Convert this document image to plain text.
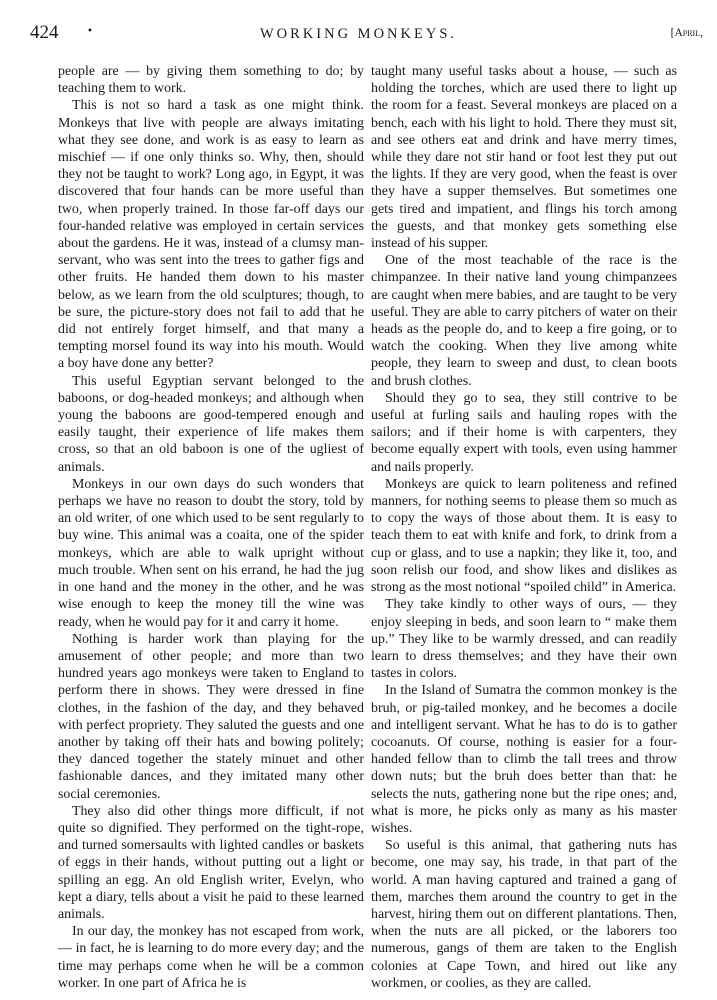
424	•	WORKING MONKEYS.	[April,

people are — by giving them something to do; by teaching them to work.

This is not so hard a task as one might think. Monkeys that live with people are always imitating what they see done, and work is as easy to learn as mischief — if one only thinks so. Why, then, should they not be taught to work? Long ago, in Egypt, it was discovered that four hands can be more useful than two, when properly trained. In those far-off days our four-handed relative was employed in certain services about the gardens. He it was, instead of a clumsy man-servant, who was sent into the trees to gather figs and other fruits. He handed them down to his master below, as we learn from the old sculptures; though, to be sure, the picture-story does not fail to add that he did not entirely forget himself, and that many a tempting morsel found its way into his mouth. Would a boy have done any better?

This useful Egyptian servant belonged to the baboons, or dog-headed monkeys; and although when young the baboons are good-tempered enough and easily taught, their experience of life makes them cross, so that an old baboon is one of the ugliest of animals.

Monkeys in our own days do such wonders that perhaps we have no reason to doubt the story, told by an old writer, of one which used to be sent regularly to buy wine. This animal was a coaita, one of the spider monkeys, which are able to walk upright without much trouble. When sent on his errand, he had the jug in one hand and the money in the other, and he was wise enough to keep the money till the wine was ready, when he would pay for it and carry it home.

Nothing is harder work than playing for the amusement of other people; and more than two hundred years ago monkeys were taken to England to perform there in shows. They were dressed in fine clothes, in the fashion of the day, and they behaved with perfect propriety. They saluted the guests and one another by taking off their hats and bowing politely; they danced together the stately minuet and other fashionable dances, and they imitated many other social ceremonies.

They also did other things more difficult, if not quite so dignified. They performed on the tight-rope, and turned somersaults with lighted candles or baskets of eggs in their hands, without putting out a light or spilling an egg. An old English writer, Evelyn, who kept a diary, tells about a visit he paid to these learned animals.

In our day, the monkey has not escaped from work, — in fact, he is learning to do more every day; and the time may perhaps come when he will be a common worker. In one part of Africa he is

taught many useful tasks about a house, — such as holding the torches, which are used there to light up the room for a feast. Several monkeys are placed on a bench, each with his light to hold. There they must sit, and see others eat and drink and have merry times, while they dare not stir hand or foot lest they put out the lights. If they are very good, when the feast is over they have a supper themselves. But sometimes one gets tired and impatient, and flings his torch among the guests, and that monkey gets something else instead of his supper.

One of the most teachable of the race is the chimpanzee. In their native land young chimpanzees are caught when mere babies, and are taught to be very useful. They are able to carry pitchers of water on their heads as the people do, and to keep a fire going, or to watch the cooking. When they live among white people, they learn to sweep and dust, to clean boots and brush clothes.

Should they go to sea, they still contrive to be useful at furling sails and hauling ropes with the sailors; and if their home is with carpenters, they become equally expert with tools, even using hammer and nails properly.

Monkeys are quick to learn politeness and refined manners, for nothing seems to please them so much as to copy the ways of those about them. It is easy to teach them to eat with knife and fork, to drink from a cup or glass, and to use a napkin; they like it, too, and soon relish our food, and show likes and dislikes as strong as the most notional “spoiled child” in America.

They take kindly to other ways of ours, — they enjoy sleeping in beds, and soon learn to “ make them up.” They like to be warmly dressed, and can readily learn to dress themselves; and they have their own tastes in colors.

In the Island of Sumatra the common monkey is the bruh, or pig-tailed monkey, and he becomes a docile and intelligent servant. What he has to do is to gather cocoanuts. Of course, nothing is easier for a four-handed fellow than to climb the tall trees and throw down nuts; but the bruh does better than that: he selects the nuts, gathering none but the ripe ones; and, what is more, he picks only as many as his master wishes.

So useful is this animal, that gathering nuts has become, one may say, his trade, in that part of the world. A man having captured and trained a gang of them, marches them around the country to get in the harvest, hiring them out on different plantations. Then, when the nuts are all picked, or the laborers too numerous, gangs of them are taken to the English colonies at Cape Town, and hired out like any workmen, or coolies, as they are called.
